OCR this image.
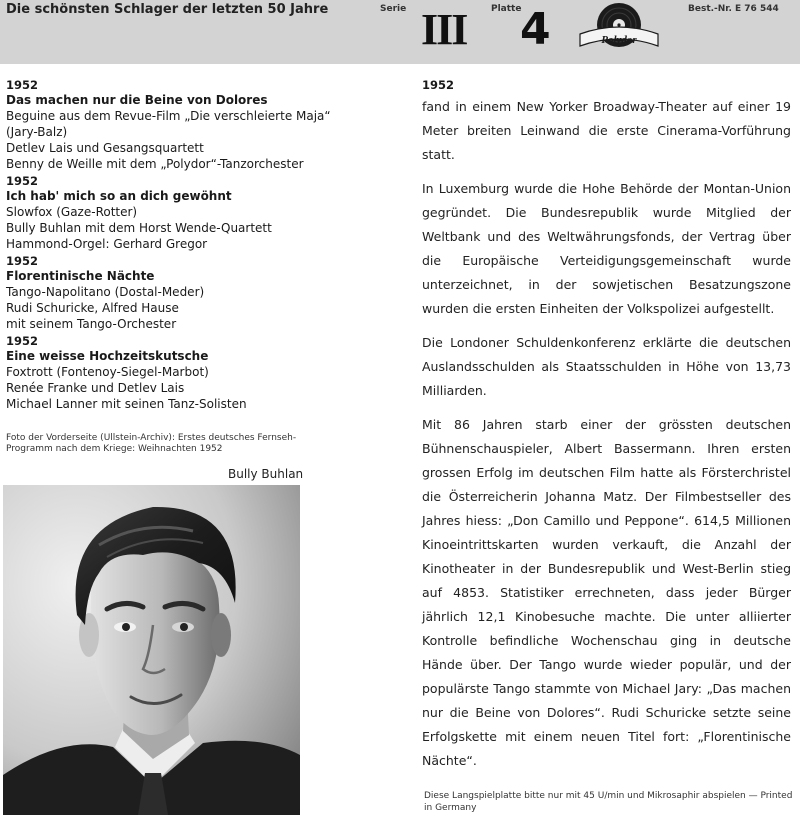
Die schönsten Schlager der letzten 50 Jahre	Serie III	Platte
4	Polydor
Best.-Nr. E 76 544
1952
Das machen nur die Beine von Dolores
Beguine aus dem Revue-Film „Die verschleierte Maja“
(Jary-Balz)
Detlev Lais und Gesangsquartett
Benny de Weille mit dem „Polydor“-Tanzorchester
1952
Ich hab' mich so an dich gewöhnt
Slowfox (Gaze-Rotter)
Bully Buhlan mit dem Horst Wende-Quartett
Hammond-Orgel: Gerhard Gregor
1952
Florentinische Nächte
Tango-Napolitano (Dostal-Meder)
Rudi Schuricke, Alfred Hause
mit seinem Tango-Orchester
1952
Eine weisse Hochzeitskutsche
Foxtrott (Fontenoy-Siegel-Marbot)
Renée Franke und Detlev Lais
Michael Lanner mit seinen Tanz-Solisten
Foto der Vorderseite (Ullstein-Archiv): Erstes deutsches Fernseh-Programm nach dem Kriege: Weihnachten 1952
Bully Buhlan
1952

fand in einem New Yorker Broadway-Theater auf einer 19 Meter breiten Leinwand die erste Cinerama-Vorführung statt.

In Luxemburg wurde die Hohe Behörde der Montan-Union gegründet. Die Bundesrepublik wurde Mitglied der Weltbank und des Weltwährungsfonds, der Vertrag über die Europäische Verteidigungsgemeinschaft wurde unterzeichnet, in der sowjetischen Besatzungszone wurden die ersten Einheiten der Volkspolizei aufgestellt.

Die Londoner Schuldenkonferenz erklärte die deutschen Auslandsschulden als Staatsschulden in Höhe von 13,73 Milliarden.

Mit 86 Jahren starb einer der grössten deutschen Bühnenschauspieler, Albert Bassermann. Ihren ersten grossen Erfolg im deutschen Film hatte als Försterchristel die Österreicherin Johanna Matz. Der Filmbestseller des Jahres hiess: „Don Camillo und Peppone“. 614,5 Millionen Kinoeintrittskarten wurden verkauft, die Anzahl der Kinotheater in der Bundesrepublik und West-Berlin stieg auf 4853. Statistiker errechneten, dass jeder Bürger jährlich 12,1 Kinobesuche machte. Die unter alliierter Kontrolle befindliche Wochenschau ging in deutsche Hände über. Der Tango wurde wieder populär, und der populärste Tango stammte von Michael Jary: „Das machen nur die Beine von Dolores“. Rudi Schuricke setzte seine Erfolgskette mit einem neuen Titel fort: „Florentinische Nächte“.

Diese Langspielplatte bitte nur mit 45 U/min und Mikrosaphir abspielen — Printed in Germany
